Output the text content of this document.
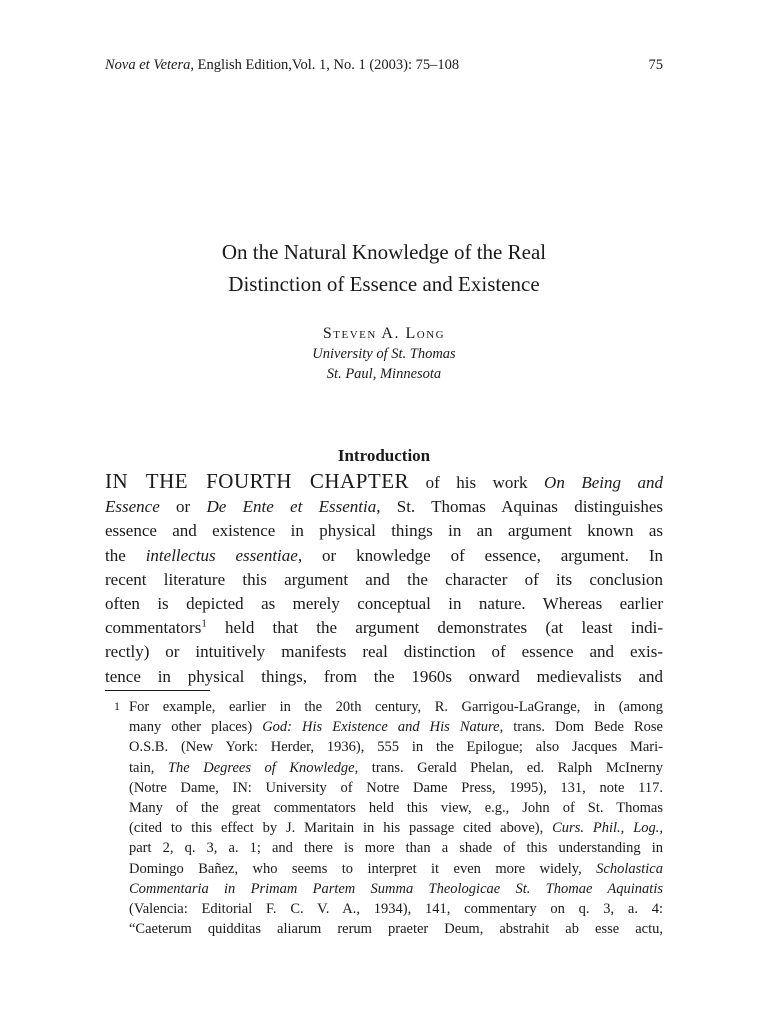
Nova et Vetera, English Edition,Vol. 1, No. 1 (2003): 75–108	75
On the Natural Knowledge of the Real
Distinction of Essence and Existence
Steven A. Long
University of St. Thomas
St. Paul, Minnesota
Introduction
IN THE FOURTH CHAPTER of his work On Being and
Essence or De Ente et Essentia, St. Thomas Aquinas distinguishes
essence and existence in physical things in an argument known as
the intellectus essentiae, or knowledge of essence, argument. In
recent literature this argument and the character of its conclusion
often is depicted as merely conceptual in nature. Whereas earlier
commentators$^1$ held that the argument demonstrates (at least indi-
rectly) or intuitively manifests real distinction of essence and exis-
tence in physical things, from the 1960s onward medievalists and
1 For example, earlier in the 20th century, R. Garrigou-LaGrange, in (among
many other places) God: His Existence and His Nature, trans. Dom Bede Rose
O.S.B. (New York: Herder, 1936), 555 in the Epilogue; also Jacques Mari-
tain, The Degrees of Knowledge, trans. Gerald Phelan, ed. Ralph McInerny
(Notre Dame, IN: University of Notre Dame Press, 1995), 131, note 117.
Many of the great commentators held this view, e.g., John of St. Thomas
(cited to this effect by J. Maritain in his passage cited above), Curs. Phil., Log.,
part 2, q. 3, a. 1; and there is more than a shade of this understanding in
Domingo Bañez, who seems to interpret it even more widely, Scholastica
Commentaria in Primam Partem Summa Theologicae St. Thomae Aquinatis
(Valencia: Editorial F. C. V. A., 1934), 141, commentary on q. 3, a. 4:
“Caeterum quidditas aliarum rerum praeter Deum, abstrahit ab esse actu,
